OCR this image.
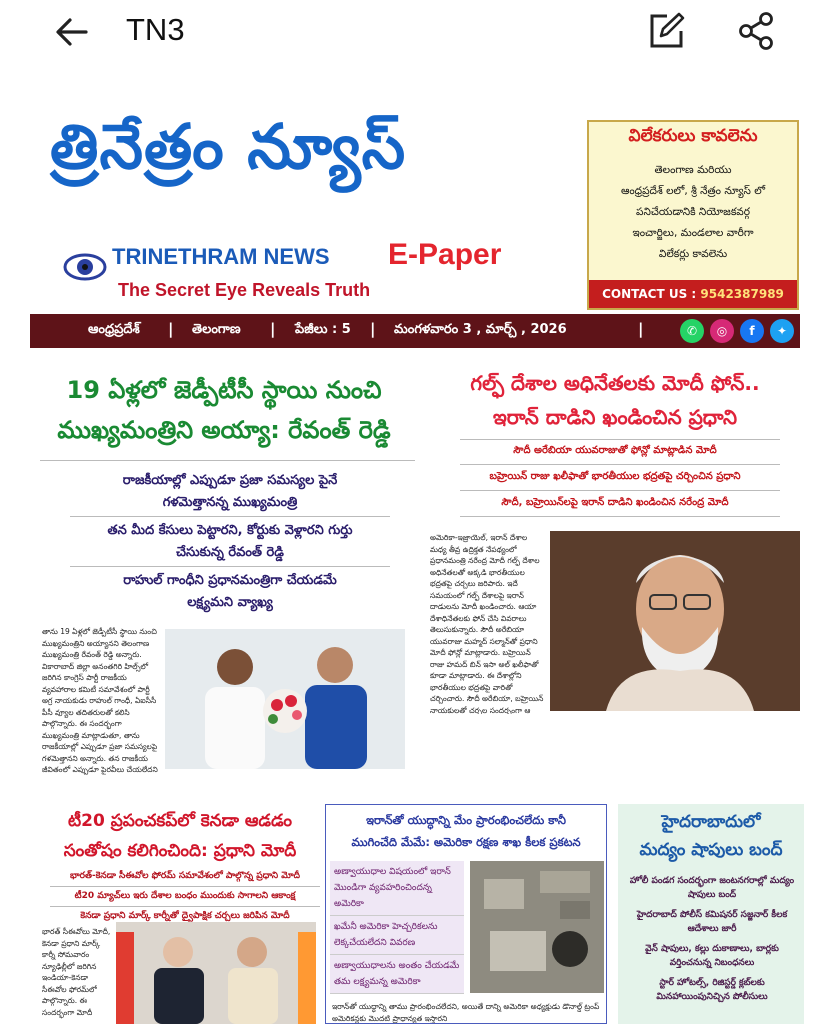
TN3
త్రినేత్రం న్యూస్
TRINETHRAM NEWS E-Paper
The Secret Eye Reveals Truth
విలేకరులు కావలెను
తెలంగాణ మరియు
ఆంధ్రప్రదేశ్ లలో, శ్రీ నేత్రం న్యూస్ లో
పనిచేయడానికి నియోజకవర్గ
ఇంచార్జిలు, మండలాల వారీగా
విలేకర్లు కావలెను
CONTACT US : 9542387989
ఆంధ్రప్రదేశ్ | తెలంగాణ | పేజీలు : 5 | మంగళవారం 3 , మార్చ్ , 2026	|	✆	◎	f	✦
19 ఏళ్లలో జెడ్పీటీసీ స్థాయి నుంచి
ముఖ్యమంత్రిని అయ్యా: రేవంత్ రెడ్డి
రాజకీయాల్లో ఎప్పుడూ ప్రజా సమస్యల పైనే
గళమెత్తానన్న ముఖ్యమంత్రి
తన మీద కేసులు పెట్టారని, కోర్టుకు వెళ్లారని గుర్తు
చేసుకున్న రేవంత్ రెడ్డి
రాహుల్ గాంధీని ప్రధానమంత్రిగా చేయడమే
లక్ష్యమని వ్యాఖ్య
తాను 19 ఏళ్లలో జెడ్పీటీసీ స్థాయి నుంచి ముఖ్యమంత్రిని అయ్యానని తెలంగాణ ముఖ్యమంత్రి రేవంత్ రెడ్డి అన్నారు. వికారాబాద్ జిల్లా అనంతగిరి హిల్స్‌లో జరిగిన కాంగ్రెస్ పార్టీ రాజకీయ వ్యవహారాల కమిటీ సమావేశంలో పార్టీ అగ్ర నాయకుడు రాహుల్ గాంధీ, ఏఐసీసీ పీసీ వ్యూల తదితరులతో కలిసి పాల్గొన్నారు. ఈ సందర్భంగా ముఖ్యమంత్రి మాట్లాడుతూ, తాను రాజకీయాల్లో ఎప్పుడూ ప్రజా సమస్యలపై గళమెత్తానని అన్నారు. తన రాజకీయ జీవితంలో ఎప్పుడూ పైరవీలు చేయలేదని
గల్ఫ్ దేశాల అధినేతలకు మోదీ ఫోన్..
ఇరాన్ దాడిని ఖండించిన ప్రధాని
సౌదీ అరేబియా యువరాజుతో ఫోన్లో మాట్లాడిన మోదీ
బహ్రెయిన్ రాజు ఖలీఫాతో భారతీయుల భద్రతపై చర్చించిన ప్రధాని
సౌదీ, బహ్రెయిన్‌లపై ఇరాన్ దాడిని ఖండించిన నరేంద్ర మోదీ
అమెరికా-ఇజ్రాయెల్, ఇరాన్ దేశాల మధ్య తీవ్ర ఉద్రిక్తత నేపథ్యంలో ప్రధానమంత్రి నరేంద్ర మోదీ గల్ఫ్ దేశాల అధినేతలతో అక్కడి భారతీయుల భద్రతపై చర్చలు జరిపారు. ఇదే సమయంలో గల్ఫ్ దేశాలపై ఇరాన్ దాడులను మోదీ ఖండించారు. ఆయా దేశాధినేతలకు ఫోన్ చేసి వివరాలు తెలుసుకున్నారు. సౌదీ అరేబియా యువరాజు మహ్మద్ సల్మాన్‌తో ప్రధాని మోదీ ఫోన్లో మాట్లాడారు. బహ్రెయిన్ రాజు హమద్ బిన్ ఇసా అల్ ఖలీఫాతో కూడా మాట్లాడారు. ఈ దేశాల్లోని భారతీయుల భద్రతపై వారితో చర్చించారు. సౌదీ అరేబియా, బహ్రెయిన్ నాయకులతో చర్చల సందర్భంగా ఆ
టీ20 ప్రపంచకప్‌లో కెనడా ఆడడం
సంతోషం కలిగించింది: ప్రధాని మోదీ
భారత్-కెనడా సీఈవోల ఫోరమ్ సమావేశంలో పాల్గొన్న ప్రధాని మోదీ
టీ20 మ్యాచ్‌లు ఇరు దేశాల బంధం ముందుకు సాగాలని ఆకాంక్ష
కెనడా ప్రధాని మార్క్ కార్నీతో ద్వైపాక్షిక చర్చలు జరిపిన మోదీ
భారత్ సీఈవోలు మోదీ, కెనడా ప్రధాని మార్క్ కార్నీ సోమవారం న్యూఢిల్లీలో జరిగిన ఇండియా-కెనడా సీఈవోల ఫోరమ్‌లో పాల్గొన్నారు. ఈ సందర్భంగా మోదీ
ఇరాన్‌తో యుద్ధాన్ని మేం ప్రారంభించలేదు కానీ
ముగించేది మేమే: అమెరికా రక్షణ శాఖ కీలక ప్రకటన
అణ్వాయుధాల విషయంలో ఇరాన్ మొండిగా వ్యవహరించిందన్న అమెరికా
ఖమేనీ అమెరికా హెచ్చరికలను లెక్కచేయలేదని వివరణ
అణ్వాయుధాలను అంతం చేయడమే తమ లక్ష్యమన్న అమెరికా
ఇరాన్‌తో యుద్ధాన్ని తాము ప్రారంభించలేదని, అయితే దాన్ని అమెరికా అధ్యక్షుడు డొనాల్డ్ ట్రంప్ అమెరికన్లకు మొదటి ప్రాధాన్యత ఇస్తారని
హైదరాబాదులో
మద్యం షాపులు బంద్
హోలీ పండగ సందర్భంగా జంటనగరాల్లో మద్యం షాపులు బంద్
హైదరాబాద్ పోలీస్ కమిషనర్ సజ్జనార్ కీలక ఆదేశాలు జారీ
వైన్ షాపులు, కల్లు దుకాణాలు, బార్లకు వర్తించనున్న నిబంధనలు
స్టార్ హోటల్స్, రిజిస్టర్డ్ క్లబ్‌లకు మినహాయింపునిచ్చిన పోలీసులు
